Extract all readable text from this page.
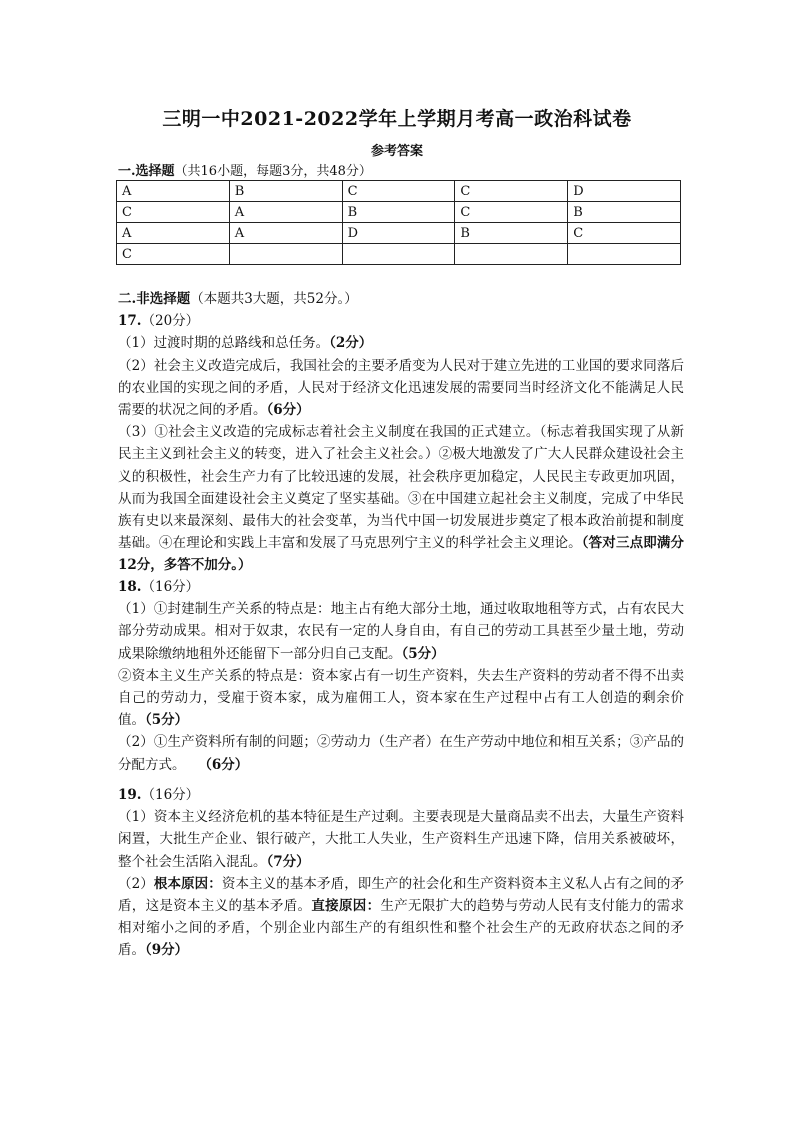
三明一中2021-2022学年上学期月考高一政治科试卷
参考答案
一.选择题（共16小题，每题3分，共48分）
A	B	C	C	D
C	A	B	C	B
A	A	D	B	C
C				

二.非选择题（本题共3大题，共52分。）

17.（20分）

（1）过渡时期的总路线和总任务。（2分）

（2）社会主义改造完成后，我国社会的主要矛盾变为人民对于建立先进的工业国的要求同落后的农业国的实现之间的矛盾，人民对于经济文化迅速发展的需要同当时经济文化不能满足人民需要的状况之间的矛盾。（6分）

（3）①社会主义改造的完成标志着社会主义制度在我国的正式建立。（标志着我国实现了从新民主主义到社会主义的转变，进入了社会主义社会。）②极大地激发了广大人民群众建设社会主义的积极性，社会生产力有了比较迅速的发展，社会秩序更加稳定，人民民主专政更加巩固，从而为我国全面建设社会主义奠定了坚实基础。③在中国建立起社会主义制度，完成了中华民族有史以来最深刻、最伟大的社会变革，为当代中国一切发展进步奠定了根本政治前提和制度基础。④在理论和实践上丰富和发展了马克思列宁主义的科学社会主义理论。（答对三点即满分12分，多答不加分。）

18.（16分）

（1）①封建制生产关系的特点是：地主占有绝大部分土地，通过收取地租等方式，占有农民大部分劳动成果。相对于奴隶，农民有一定的人身自由，有自己的劳动工具甚至少量土地，劳动成果除缴纳地租外还能留下一部分归自己支配。（5分）

②资本主义生产关系的特点是：资本家占有一切生产资料，失去生产资料的劳动者不得不出卖自己的劳动力，受雇于资本家，成为雇佣工人，资本家在生产过程中占有工人创造的剩余价值。（5分）

（2）①生产资料所有制的问题；②劳动力（生产者）在生产劳动中地位和相互关系；③产品的分配方式。 （6分）

19.（16分）

（1）资本主义经济危机的基本特征是生产过剩。主要表现是大量商品卖不出去，大量生产资料闲置，大批生产企业、银行破产，大批工人失业，生产资料生产迅速下降，信用关系被破坏，整个社会生活陷入混乱。（7分）

（2）根本原因：资本主义的基本矛盾，即生产的社会化和生产资料资本主义私人占有之间的矛盾，这是资本主义的基本矛盾。直接原因：生产无限扩大的趋势与劳动人民有支付能力的需求相对缩小之间的矛盾，个别企业内部生产的有组织性和整个社会生产的无政府状态之间的矛盾。（9分）
